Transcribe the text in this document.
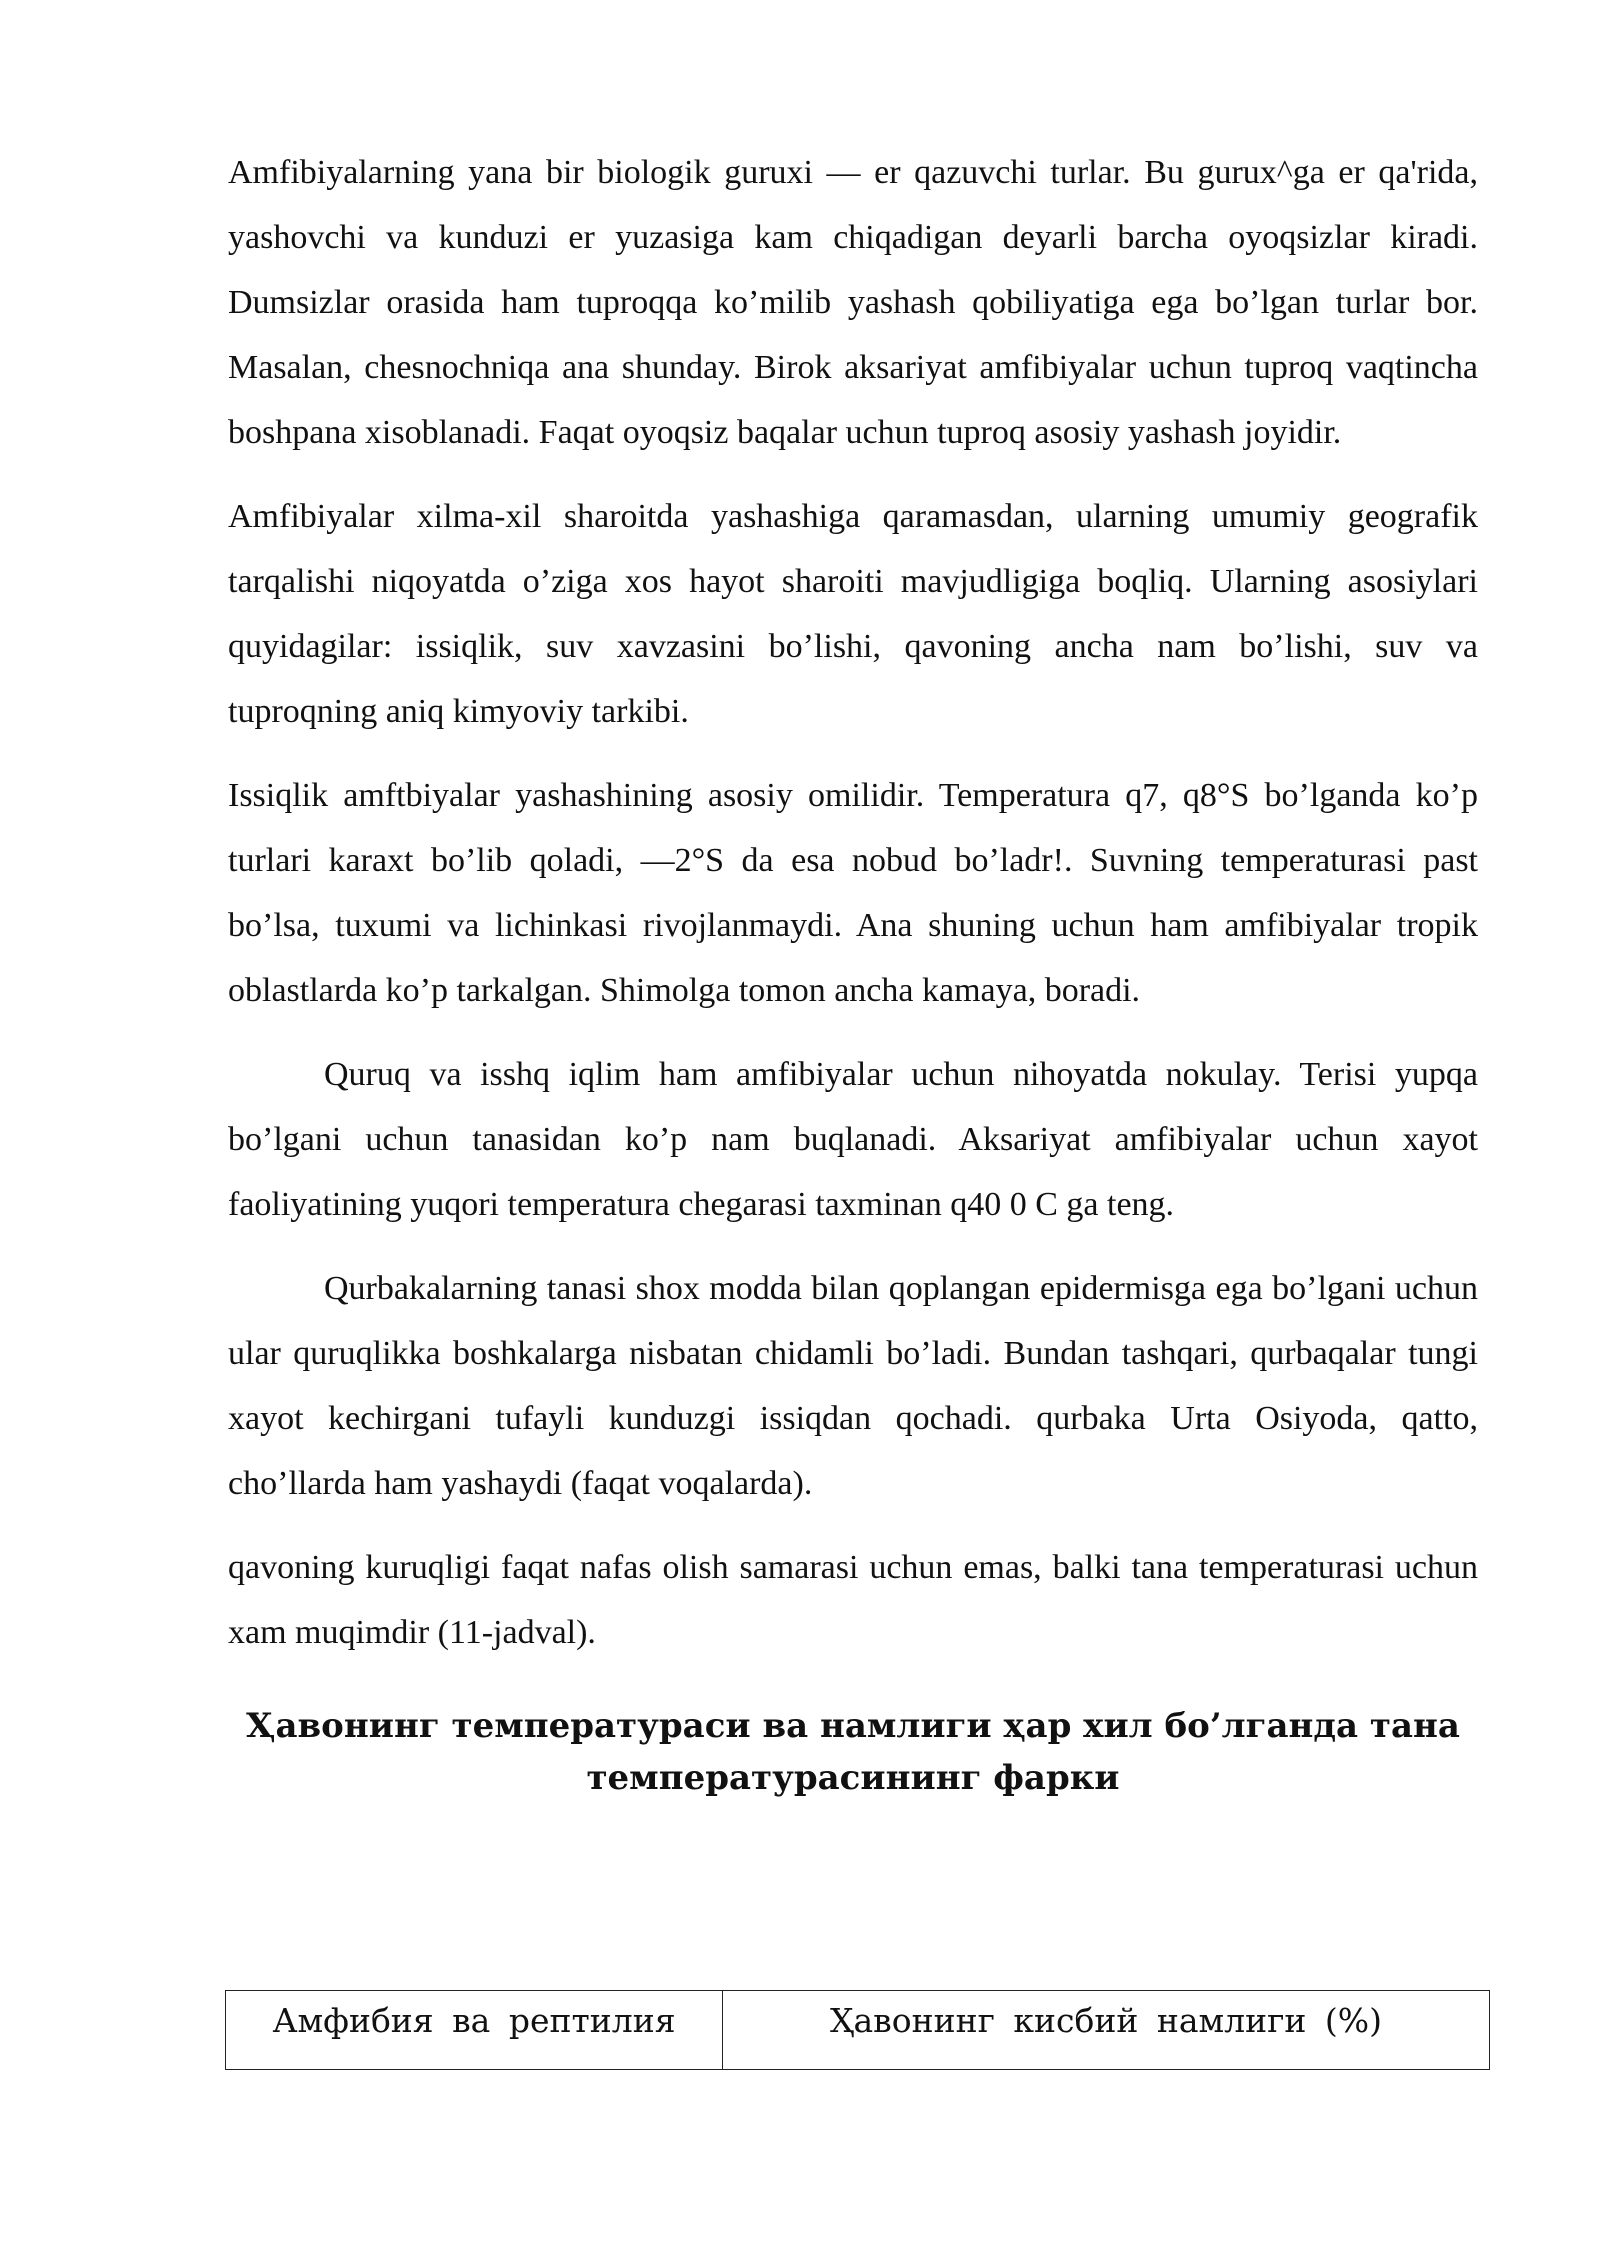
Amfibiyalarning yana bir biologik guruxi — er qazuvchi turlar. Bu gurux^ga er qa'rida, yashovchi va kunduzi er yuzasiga kam chiqadigan deyarli barcha oyoqsizlar kiradi. Dumsizlar orasida ham tuproqqa ko’milib yashash qobiliyatiga ega bo’lgan turlar bor. Masalan, chesnochniqa ana shunday. Birok aksariyat amfibiyalar uchun tuproq vaqtincha boshpana xisoblanadi. Faqat oyoqsiz baqalar uchun tuproq asosiy yashash joyidir.

Amfibiyalar xilma-xil sharoitda yashashiga qaramasdan, ularning umumiy geografik tarqalishi niqoyatda o’ziga xos hayot sharoiti mavjudligiga boqliq. Ularning asosiylari quyidagilar: issiqlik, suv xavzasini bo’lishi, qavoning ancha nam bo’lishi, suv va tuproqning aniq kimyoviy tarkibi.

Issiqlik amftbiyalar yashashining asosiy omilidir. Temperatura q7, q8°S bo’lganda ko’p turlari karaxt bo’lib qoladi, —2°S da esa nobud bo’ladr!. Suvning temperaturasi past bo’lsa, tuxumi va lichinkasi rivojlanmaydi. Ana shuning uchun ham amfibiyalar tropik oblastlarda ko’p tarkalgan. Shimolga tomon ancha kamaya, boradi.

Quruq va isshq iqlim ham amfibiyalar uchun nihoyatda nokulay. Terisi yupqa bo’lgani uchun tanasidan ko’p nam buqlanadi. Aksariyat amfibiyalar uchun xayot faoliyatining yuqori temperatura chegarasi taxminan q40 0 C ga teng.

Qurbakalarning tanasi shox modda bilan qoplangan epidermisga ega bo’lgani uchun ular quruqlikka boshkalarga nisbatan chidamli bo’ladi. Bundan tashqari, qurbaqalar tungi xayot kechirgani tufayli kunduzgi issiqdan qochadi. qurbaka Urta Osiyoda, qatto, cho’llarda ham yashaydi (faqat voqalarda).

qavoning kuruqligi faqat nafas olish samarasi uchun emas, balki tana temperaturasi uchun xam muqimdir (11-jadval).

Ҳавонинг температураси ва намлиги ҳар хил бо’лганда тана
температурасининг фарки
Амфибия ва рептилия	Ҳавонинг кисбий намлиги (%)
